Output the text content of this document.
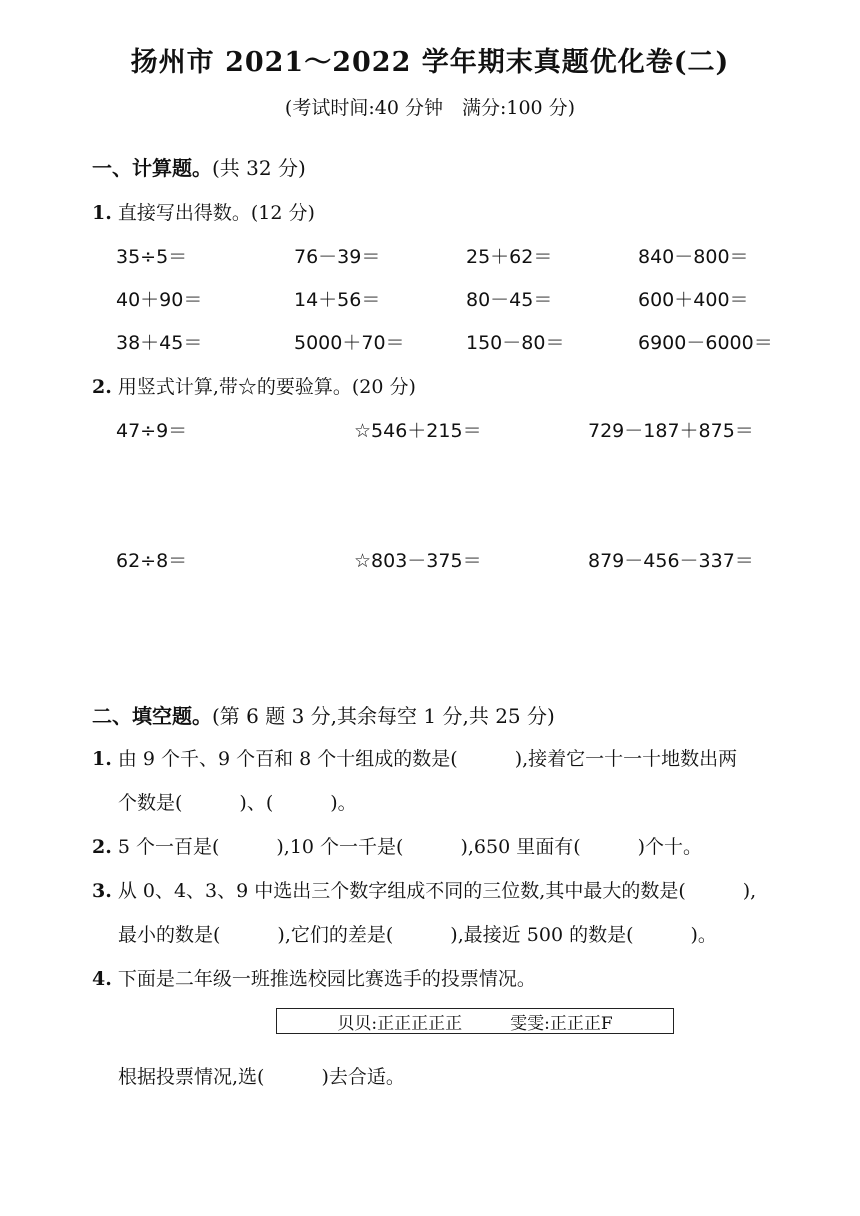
扬州市 2021～2022 学年期末真题优化卷(二)
(考试时间:40 分钟　满分:100 分)
一、计算题。(共 32 分)
1. 直接写出得数。(12 分)
35÷5＝	76－39＝	25＋62＝	840－800＝
40＋90＝	14＋56＝	80－45＝	600＋400＝
38＋45＝	5000＋70＝	150－80＝	6900－6000＝
2. 用竖式计算,带☆的要验算。(20 分)
47÷9＝	☆546＋215＝	729－187＋875＝
62÷8＝	☆803－375＝	879－456－337＝
二、填空题。(第 6 题 3 分,其余每空 1 分,共 25 分)
1. 由 9 个千、9 个百和 8 个十组成的数是(　　　),接着它一十一十地数出两
个数是(　　　)、(　　　)。
2. 5 个一百是(　　　),10 个一千是(　　　),650 里面有(　　　)个十。
3. 从 0、4、3、9 中选出三个数字组成不同的三位数,其中最大的数是(　　　),
最小的数是(　　　),它们的差是(　　　),最接近 500 的数是(　　　)。
4. 下面是二年级一班推选校园比赛选手的投票情况。
贝贝:正正正正正	雯雯:正正正F
根据投票情况,选(　　　)去合适。
